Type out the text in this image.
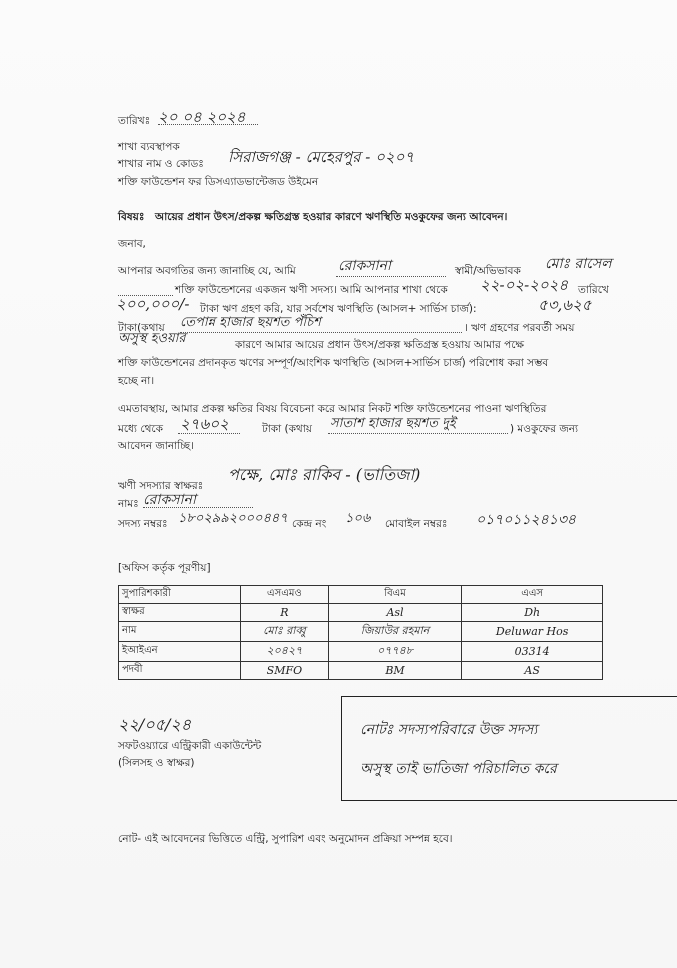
তারিখঃ ২০ ০৪ ২০২৪
শাখা ব্যবস্থাপক
শাখার নাম ও কোডঃ সিরাজগঞ্জ - মেহেরপুর - ০২০৭
শক্তি ফাউন্ডেশন ফর ডিসএ্যাডভান্টেজড উইমেন
বিষয়ঃ আয়ের প্রধান উৎস/প্রকল্প ক্ষতিগ্রস্ত হওয়ার কারণে ঋণস্থিতি মওকুফের জন্য আবেদন।
জনাব,
আপনার অবগতির জন্য জানাচ্ছি যে, আমি	রোকসানা	স্বামী/অভিভাবক মোঃ রাসেল
শক্তি ফাউন্ডেশনের একজন ঋণী সদস্য। আমি আপনার শাখা থেকে ২২-০২-২০২৪ তারিখে
২০০,০০০/- টাকা ঋণ গ্রহণ করি, যার সর্বশেষ ঋণস্থিতি (আসল+ সার্ভিস চার্জ):	৫৩,৬২৫
টাকা(কথায় তেপান্ন হাজার ছয়শত পঁচিশ	। ঋণ গ্রহণের পরবর্তী সময়
অসুস্থ হওয়ার	কারণে আমার আয়ের প্রধান উৎস/প্রকল্প ক্ষতিগ্রস্ত হওয়ায় আমার পক্ষে
শক্তি ফাউন্ডেশনের প্রদানকৃত ঋণের সম্পূর্ণ/আংশিক ঋণস্থিতি (আসল+সার্ভিস চার্জ) পরিশোধ করা সম্ভব
হচ্ছে না।
এমতাবস্থায়, আমার প্রকল্প ক্ষতির বিষয় বিবেচনা করে আমার নিকট শক্তি ফাউন্ডেশনের পাওনা ঋণস্থিতির
মধ্যে থেকে ২৭৬০২	টাকা (কথায় সাতাশ হাজার ছয়শত দুই	) মওকুফের জন্য
আবেদন জানাচ্ছি।
ঋণী সদস্যার স্বাক্ষরঃ
পক্ষে, মোঃ রাকিব - (ভাতিজা)
নামঃ রোকসানা
সদস্য নম্বরঃ ১৮০২৯৯২০০০৪৪৭ কেন্দ্র নং ১০৬ মোবাইল নম্বরঃ ০১৭০১১২৪১৩৪
[অফিস কর্তৃক পূরণীয়]
সুপারিশকারী	এসএমও	বিএম	এএস
স্বাক্ষর	R	Asl	Dh
নাম	মোঃ রাব্বু	জিয়াউর রহমান	Deluwar Hos
ইআইএন	২০৪২৭	০৭৭৪৮	03314
পদবী	SMFO	BM	AS
২২/০৫/২৪
সফটওয়্যারে এন্ট্রিকারী একাউন্টেন্ট
(সিলসহ ও স্বাক্ষর)
নোটঃ সদস্যপরিবারে উক্ত সদস্য
অসুস্থ তাই ভাতিজা পরিচালিত করে
নোট- এই আবেদনের ভিত্তিতে এন্ট্রি, সুপারিশ এবং অনুমোদন প্রক্রিয়া সম্পন্ন হবে।
